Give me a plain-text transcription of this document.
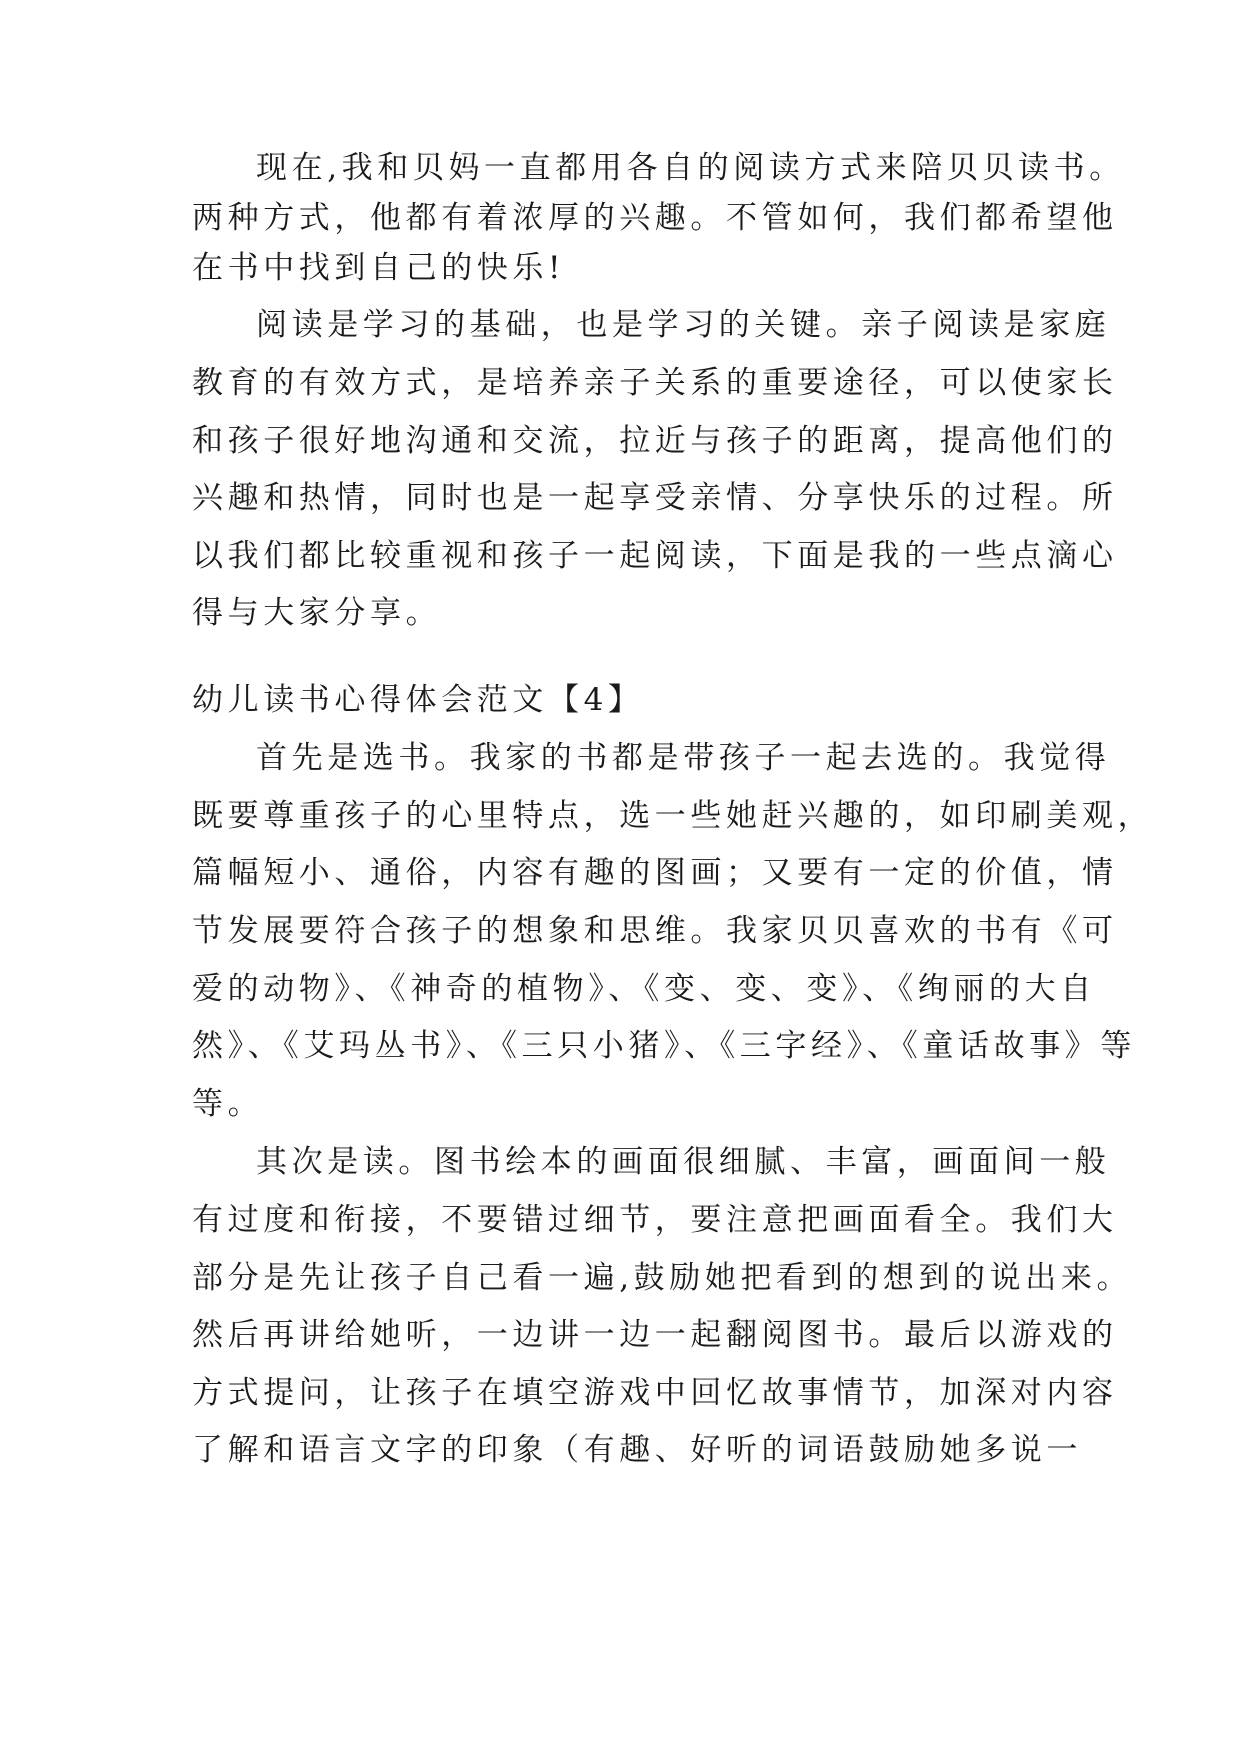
现在,我和贝妈一直都用各自的阅读方式来陪贝贝读书。
两种方式，他都有着浓厚的兴趣。不管如何，我们都希望他
在书中找到自己的快乐!
阅读是学习的基础，也是学习的关键。亲子阅读是家庭
教育的有效方式，是培养亲子关系的重要途径，可以使家长
和孩子很好地沟通和交流，拉近与孩子的距离，提高他们的
兴趣和热情，同时也是一起享受亲情、分享快乐的过程。所
以我们都比较重视和孩子一起阅读，下面是我的一些点滴心
得与大家分享。
幼儿读书心得体会范文【4】
首先是选书。我家的书都是带孩子一起去选的。我觉得
既要尊重孩子的心里特点，选一些她赶兴趣的，如印刷美观，
篇幅短小、通俗，内容有趣的图画；又要有一定的价值，情
节发展要符合孩子的想象和思维。我家贝贝喜欢的书有《可
爱的动物》、《神奇的植物》、《变、变、变》、《绚丽的大自
然》、《艾玛丛书》、《三只小猪》、《三字经》、《童话故事》等
等。
其次是读。图书绘本的画面很细腻、丰富，画面间一般
有过度和衔接，不要错过细节，要注意把画面看全。我们大
部分是先让孩子自己看一遍,鼓励她把看到的想到的说出来。
然后再讲给她听，一边讲一边一起翻阅图书。最后以游戏的
方式提问，让孩子在填空游戏中回忆故事情节，加深对内容
了解和语言文字的印象（有趣、好听的词语鼓励她多说一
